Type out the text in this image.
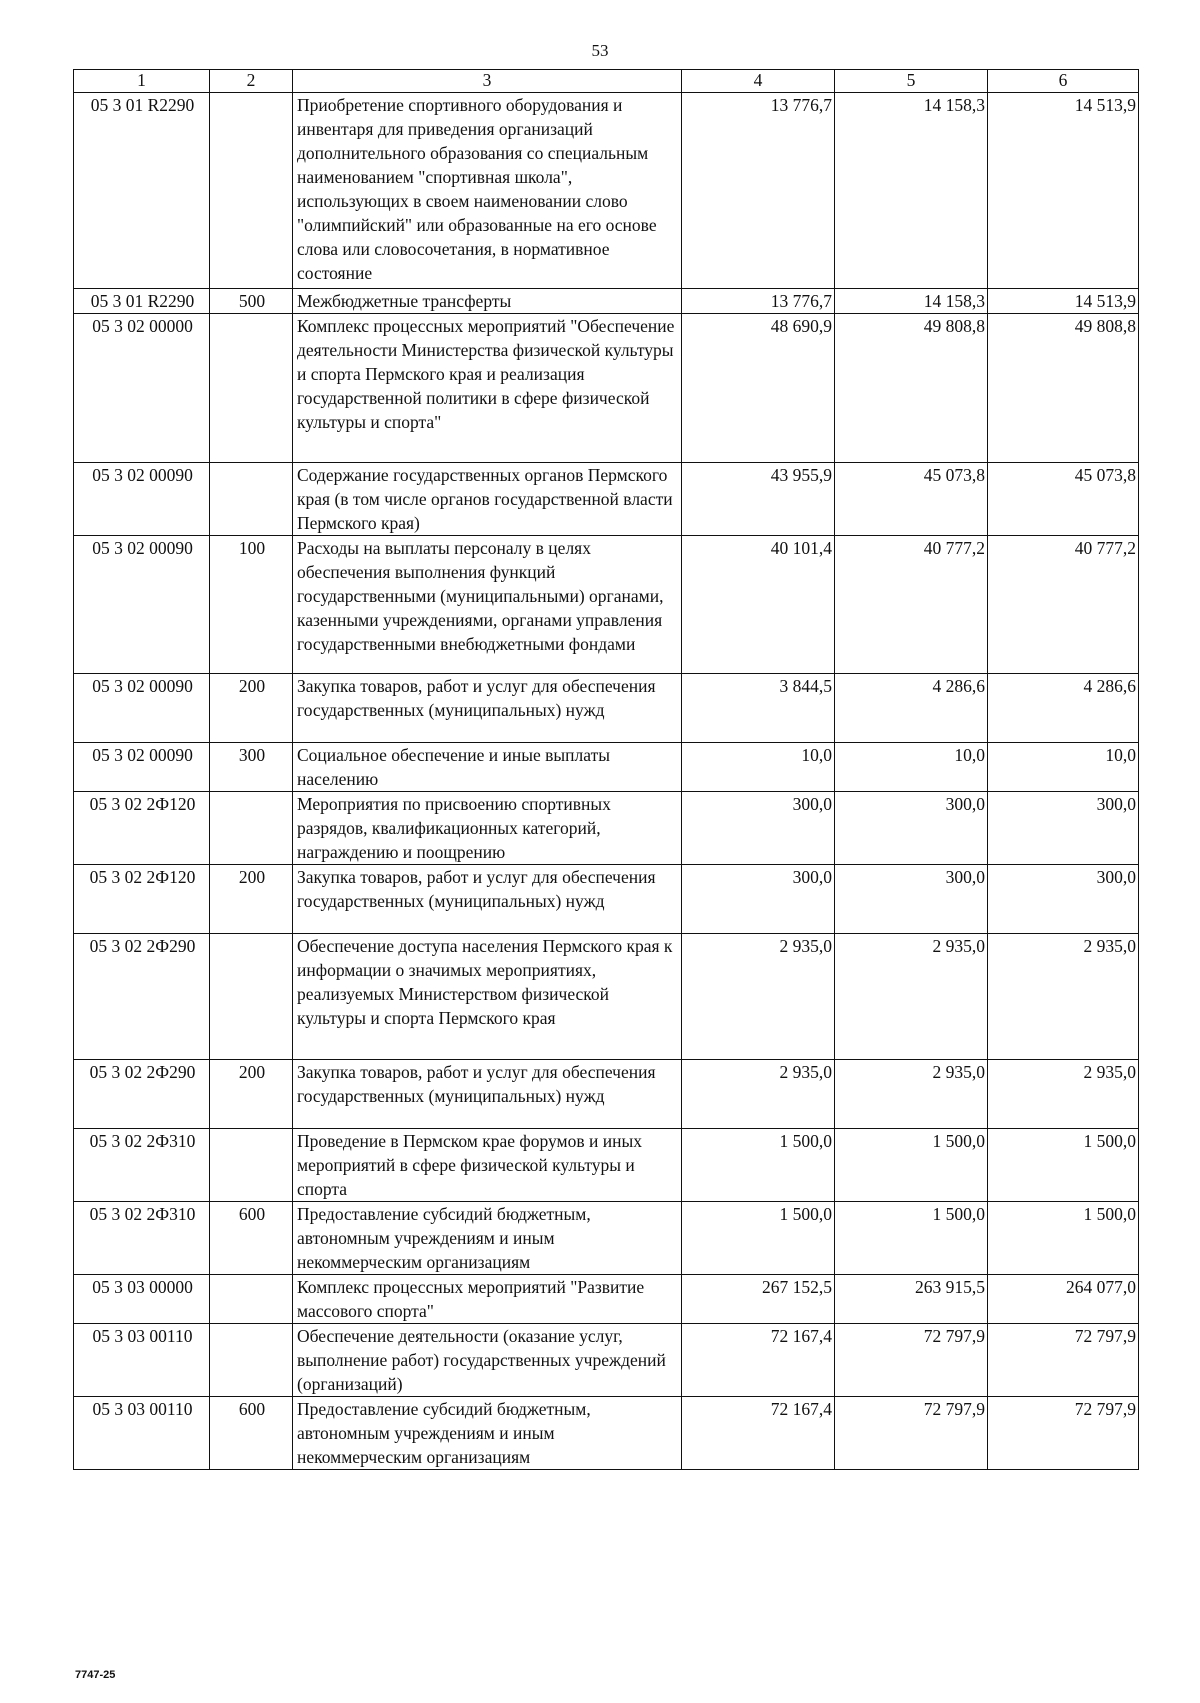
53
1	2	3	4	5	6
05 3 01 R2290		Приобретение спортивного оборудования и инвентаря для приведения организаций дополнительного образования со специальным наименованием "спортивная школа", использующих в своем наименовании слово "олимпийский" или образованные на его основе слова или словосочетания, в нормативное состояние	13 776,7	14 158,3	14 513,9
05 3 01 R2290	500	Межбюджетные трансферты	13 776,7	14 158,3	14 513,9
05 3 02 00000		Комплекс процессных мероприятий "Обеспечение деятельности Министерства физической культуры и спорта Пермского края и реализация государственной политики в сфере физической культуры и спорта"	48 690,9	49 808,8	49 808,8
05 3 02 00090		Содержание государственных органов Пермского края (в том числе органов государственной власти Пермского края)	43 955,9	45 073,8	45 073,8
05 3 02 00090	100	Расходы на выплаты персоналу в целях обеспечения выполнения функций государственными (муниципальными) органами, казенными учреждениями, органами управления государственными внебюджетными фондами	40 101,4	40 777,2	40 777,2
05 3 02 00090	200	Закупка товаров, работ и услуг для обеспечения государственных (муниципальных) нужд	3 844,5	4 286,6	4 286,6
05 3 02 00090	300	Социальное обеспечение и иные выплаты населению	10,0	10,0	10,0
05 3 02 2Ф120		Мероприятия по присвоению спортивных разрядов, квалификационных категорий, награждению и поощрению	300,0	300,0	300,0
05 3 02 2Ф120	200	Закупка товаров, работ и услуг для обеспечения государственных (муниципальных) нужд	300,0	300,0	300,0
05 3 02 2Ф290		Обеспечение доступа населения Пермского края к информации о значимых мероприятиях, реализуемых Министерством физической культуры и спорта Пермского края	2 935,0	2 935,0	2 935,0
05 3 02 2Ф290	200	Закупка товаров, работ и услуг для обеспечения государственных (муниципальных) нужд	2 935,0	2 935,0	2 935,0
05 3 02 2Ф310		Проведение в Пермском крае форумов и иных мероприятий в сфере физической культуры и спорта	1 500,0	1 500,0	1 500,0
05 3 02 2Ф310	600	Предоставление субсидий бюджетным, автономным учреждениям и иным некоммерческим организациям	1 500,0	1 500,0	1 500,0
05 3 03 00000		Комплекс процессных мероприятий "Развитие массового спорта"	267 152,5	263 915,5	264 077,0
05 3 03 00110		Обеспечение деятельности (оказание услуг, выполнение работ) государственных учреждений (организаций)	72 167,4	72 797,9	72 797,9
05 3 03 00110	600	Предоставление субсидий бюджетным, автономным учреждениям и иным некоммерческим организациям	72 167,4	72 797,9	72 797,9
7747-25
